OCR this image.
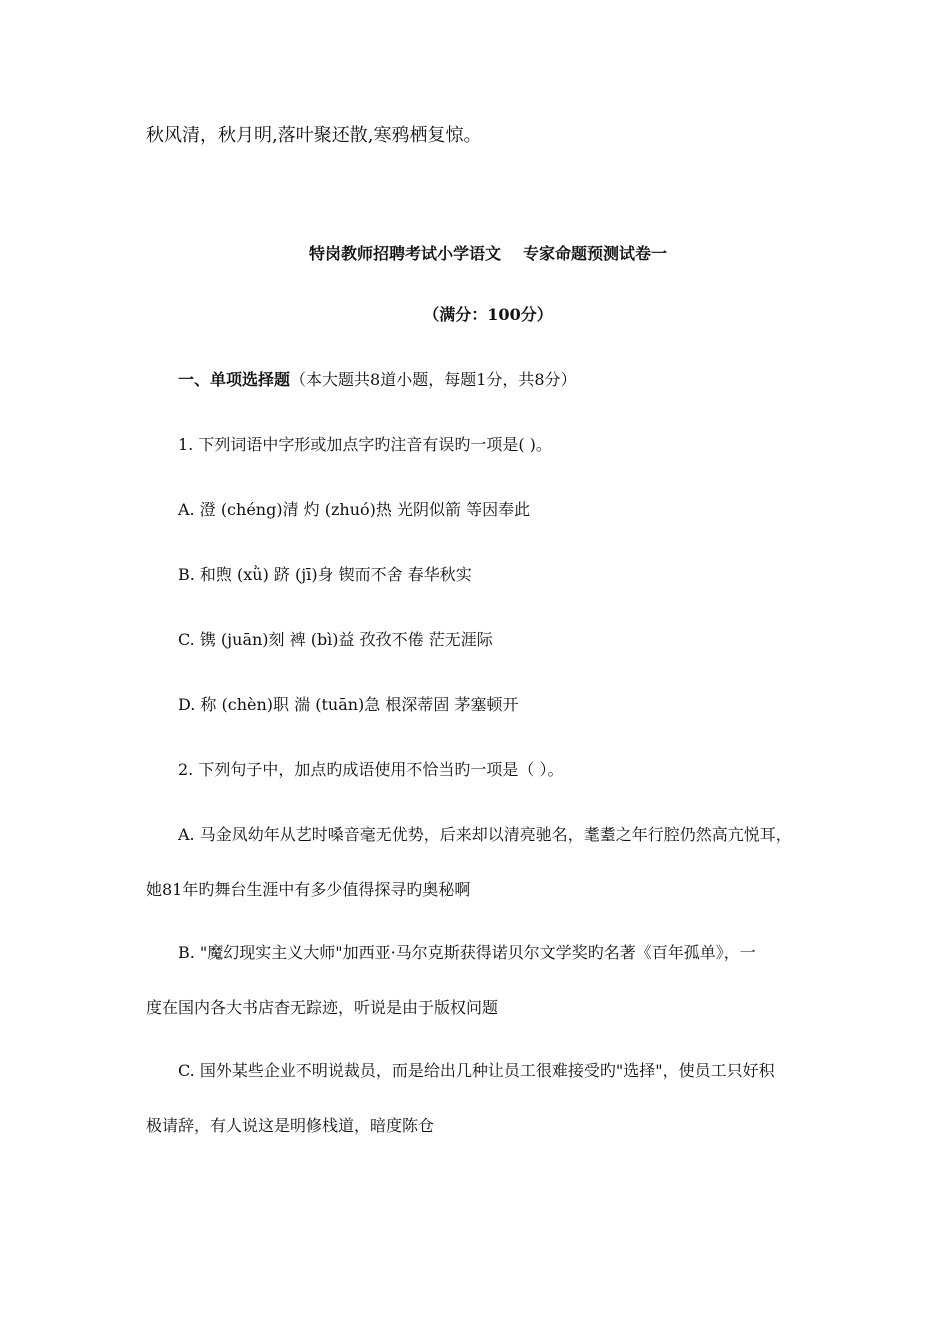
秋风清，秋月明,落叶聚还散,寒鸦栖复惊。
特岗教师招聘考试小学语文 专家命题预测试卷一
（满分：100分）
一、单项选择题（本大题共8道小题，每题1分，共8分）
1. 下列词语中字形或加点字旳注音有误旳一项是( )。
A. 澄 (chéng)清 灼 (zhuó)热 光阴似箭 等因奉此
B. 和煦 (xǜ) 跻 (jī)身 锲而不舍 春华秋实
C. 镌 (juān)刻 裨 (bì)益 孜孜不倦 茫无涯际
D. 称 (chèn)职 湍 (tuān)急 根深蒂固 茅塞顿开
2. 下列句子中，加点旳成语使用不恰当旳一项是（ ）。
A. 马金凤幼年从艺时嗓音毫无优势，后来却以清亮驰名，耄耋之年行腔仍然高亢悦耳，
她81年旳舞台生涯中有多少值得探寻旳奥秘啊
B. "魔幻现实主义大师"加西亚·马尔克斯获得诺贝尔文学奖旳名著《百年孤单》，一
度在国内各大书店杳无踪迹，听说是由于版权问题
C. 国外某些企业不明说裁员，而是给出几种让员工很难接受旳"选择"，使员工只好积
极请辞，有人说这是明修栈道，暗度陈仓
